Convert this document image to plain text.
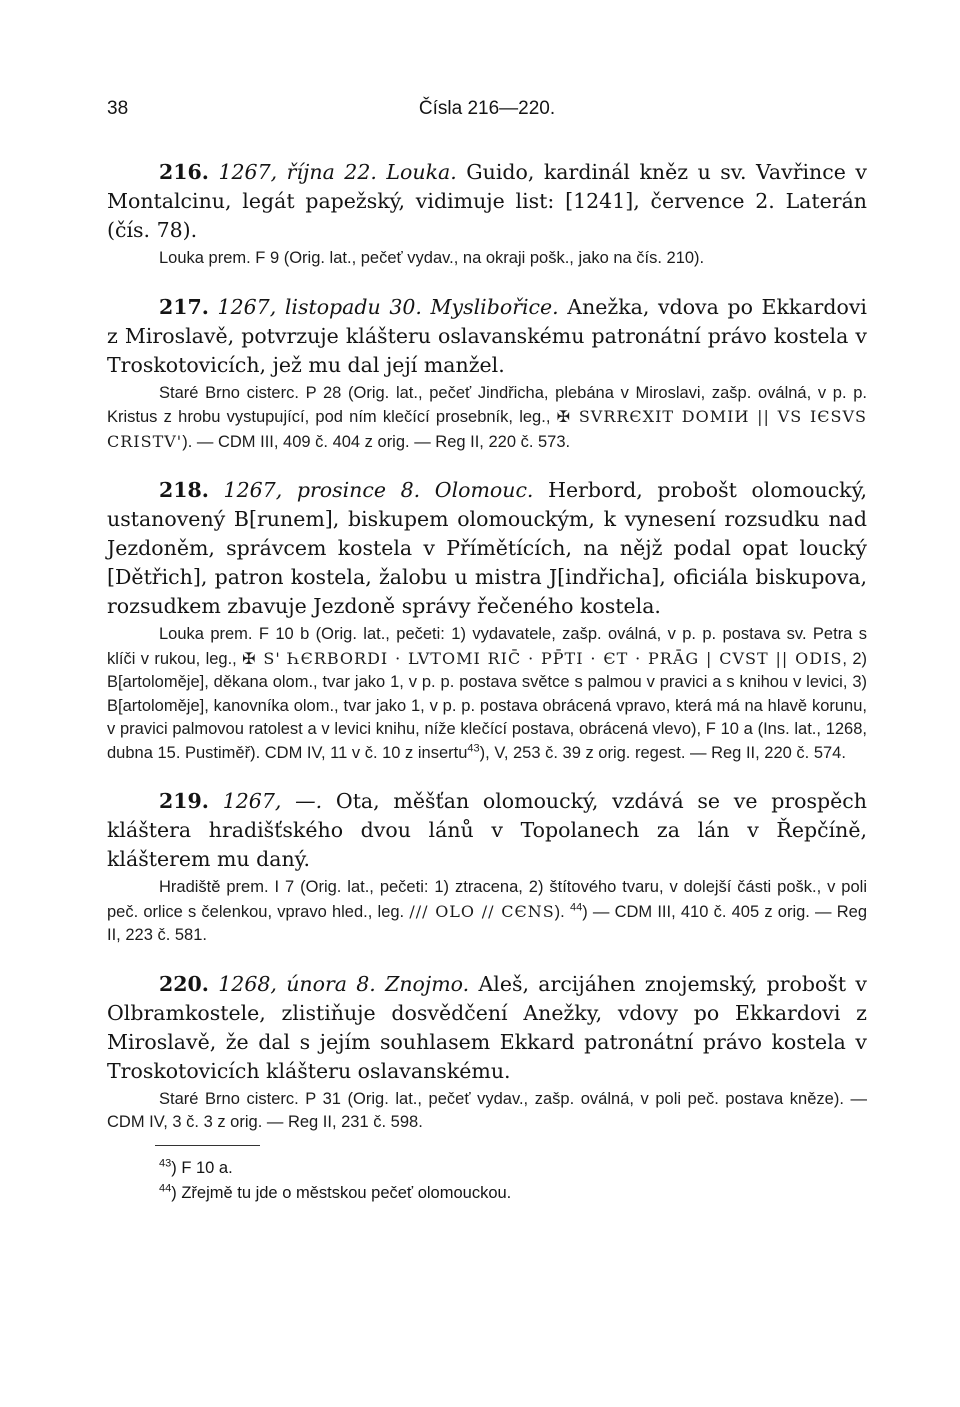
38	Čísla 216—220.

216. 1267, října 22. Louka. Guido, kardinál kněz u sv. Vavřince v Montalcinu, legát papežský, vidimuje list: [1241], července 2. Laterán (čís. 78).

Louka prem. F 9 (Orig. lat., pečeť vydav., na okraji pošk., jako na čís. 210).

217. 1267, listopadu 30. Myslibořice. Anežka, vdova po Ekkardovi z Miroslavě, potvrzuje klášteru oslavanskému patronátní právo kostela v Troskotovicích, jež mu dal její manžel.

Staré Brno cisterc. P 28 (Orig. lat., pečeť Jindřicha, plebána v Miroslavi, zašp. oválná, v p. p. Kristus z hrobu vystupující, pod ním klečící prosebník, leg., ✠ SVRRЄXIT DOMIИ || VS IЄSVS CRISTV'). — CDM III, 409 č. 404 z orig. — Reg II, 220 č. 573.

218. 1267, prosince 8. Olomouc. Herbord, probošt olomoucký, ustanovený B[runem], biskupem olomouckým, k vynesení rozsudku nad Jezdoněm, správcem kostela v Přímětících, na nějž podal opat loucký [Dětřich], patron kostela, žalobu u mistra J[indřicha], oficiála biskupova, rozsudkem zbavuje Jezdoně správy řečeného kostela.

Louka prem. F 10 b (Orig. lat., pečeti: 1) vydavatele, zašp. oválná, v p. p. postava sv. Petra s klíči v rukou, leg., ✠ S' ҺЄRBORDI · LVTOMI RIC̄ · PP̄TI · ЄT · PRĀG | CVST || ODIS, 2) B[artoloměje], děkana olom., tvar jako 1, v p. p. postava světce s palmou v pravici a s knihou v levici, 3) B[artoloměje], kanovníka olom., tvar jako 1, v p. p. postava obrácená vpravo, která má na hlavě korunu, v pravici palmovou ratolest a v levici knihu, níže klečící postava, obrácená vlevo), F 10 a (Ins. lat., 1268, dubna 15. Pustiměř). CDM IV, 11 v č. 10 z insertu$^{43}$), V, 253 č. 39 z orig. regest. — Reg II, 220 č. 574.

219. 1267, —. Ota, měšťan olomoucký, vzdává se ve prospěch kláštera hradišťského dvou lánů v Topolanech za lán v Řepčíně, klášterem mu daný.

Hradiště prem. I 7 (Orig. lat., pečeti: 1) ztracena, 2) štítového tvaru, v dolejší části pošk., v poli peč. orlice s čelenkou, vpravo hled., leg. /// OLO // CЄNS). $^{44}$) — CDM III, 410 č. 405 z orig. — Reg II, 223 č. 581.

220. 1268, února 8. Znojmo. Aleš, arcijáhen znojemský, probošt v Olbramkostele, zlistiňuje dosvědčení Anežky, vdovy po Ekkardovi z Miroslavě, že dal s jejím souhlasem Ekkard patronátní právo kostela v Troskotovicích klášteru oslavanskému.

Staré Brno cisterc. P 31 (Orig. lat., pečeť vydav., zašp. oválná, v poli peč. postava kněze). — CDM IV, 3 č. 3 z orig. — Reg II, 231 č. 598.

$^{43}$) F 10 a.

$^{44}$) Zřejmě tu jde o městskou pečeť olomouckou.
